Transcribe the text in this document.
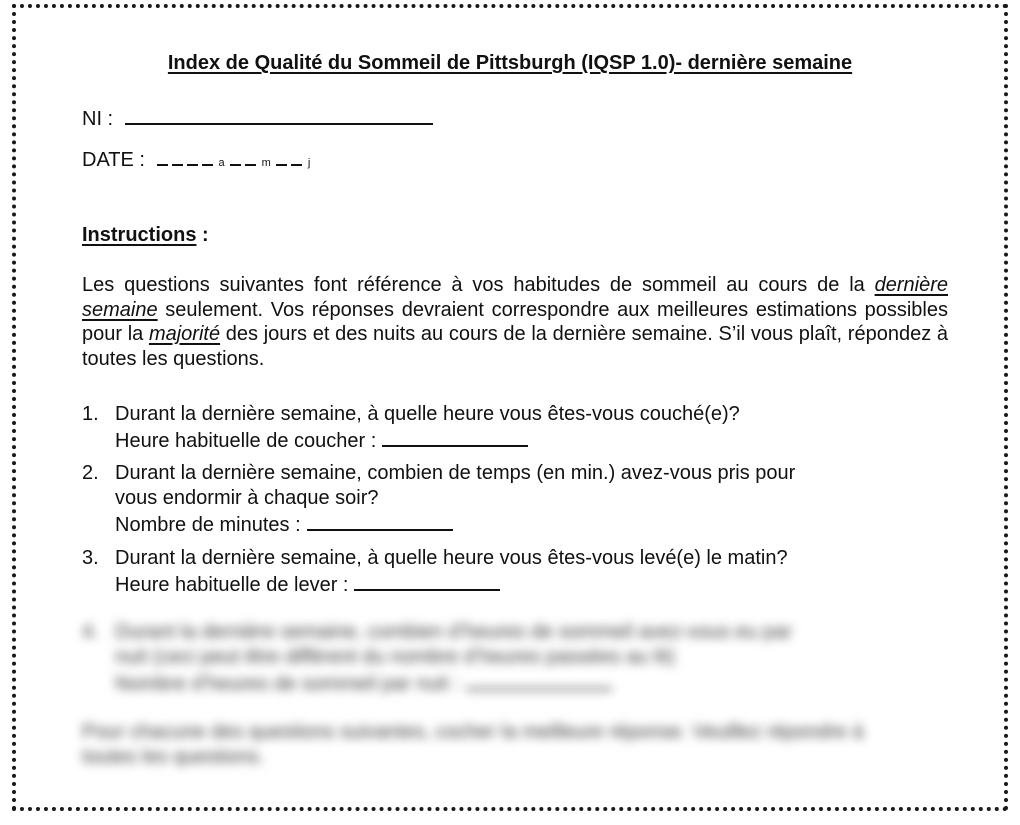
Index de Qualité du Sommeil de Pittsburgh (IQSP 1.0)- dernière semaine
NI :
DATE :	a	m	j
Instructions :

Les questions suivantes font référence à vos habitudes de sommeil au cours de la dernière semaine seulement. Vos réponses devraient correspondre aux meilleures estimations possibles pour la majorité des jours et des nuits au cours de la dernière semaine. S’il vous plaît, répondez à toutes les questions.

1. Durant la dernière semaine, à quelle heure vous êtes-vous couché(e)?
Heure habituelle de coucher :
2. Durant la dernière semaine, combien de temps (en min.) avez-vous pris pour
vous endormir à chaque soir?
Nombre de minutes :
3. Durant la dernière semaine, à quelle heure vous êtes-vous levé(e) le matin?
Heure habituelle de lever :
4. Durant la dernière semaine, combien d’heures de sommeil avez-vous eu par
nuit (ceci peut être différent du nombre d’heures passées au lit)
Nombre d’heures de sommeil par nuit :

Pour chacune des questions suivantes, cocher la meilleure réponse. Veuillez répondre à toutes les questions.
